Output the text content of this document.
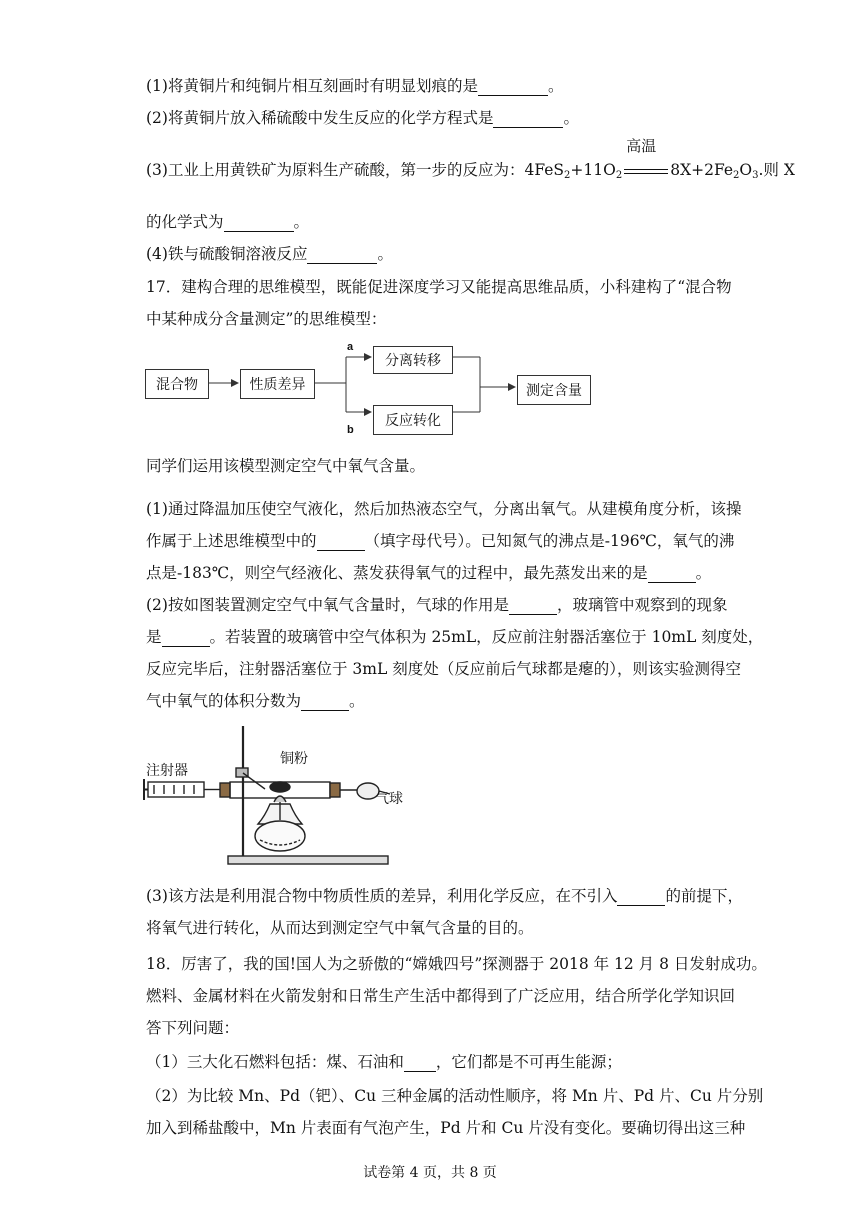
(1)将黄铜片和纯铜片相互刻画时有明显划痕的是	。
(2)将黄铜片放入稀硫酸中发生反应的化学方程式是	。
(3)工业上用黄铁矿为原料生产硫酸，第一步的反应为：$4FeS_2+11O_2$
高温
$8X+2Fe_2O_3$.则 X
的化学式为	。
(4)铁与硫酸铜溶液反应	。
17．建构合理的思维模型，既能促进深度学习又能提高思维品质，小科建构了“混合物
中某种成分含量测定”的思维模型：
混合物	性质差异
分离转移
反应转化
测定含量
a
b
同学们运用该模型测定空气中氧气含量。
(1)通过降温加压使空气液化，然后加热液态空气，分离出氧气。从建模角度分析，该操
作属于上述思维模型中的	（填字母代号）。已知氮气的沸点是-196℃，氧气的沸
点是-183℃，则空气经液化、蒸发获得氧气的过程中，最先蒸发出来的是	。
(2)按如图装置测定空气中氧气含量时，气球的作用是	，玻璃管中观察到的现象
是	。若装置的玻璃管中空气体积为 25mL，反应前注射器活塞位于 10mL 刻度处，
反应完毕后，注射器活塞位于 3mL 刻度处（反应前后气球都是瘪的），则该实验测得空
气中氧气的体积分数为	。
注射器
铜粉
气球
(3)该方法是利用混合物中物质性质的差异，利用化学反应，在不引入	的前提下，
将氧气进行转化，从而达到测定空气中氧气含量的目的。
18．厉害了，我的国!国人为之骄傲的“嫦娥四号”探测器于 2018 年 12 月 8 日发射成功。
燃料、金属材料在火箭发射和日常生产生活中都得到了广泛应用，结合所学化学知识回
答下列问题：
（1）三大化石燃料包括：煤、石油和 ，它们都是不可再生能源；
（2）为比较 Mn、Pd（钯）、Cu 三种金属的活动性顺序，将 Mn 片、Pd 片、Cu 片分别
加入到稀盐酸中，Mn 片表面有气泡产生，Pd 片和 Cu 片没有变化。要确切得出这三种
试卷第 4 页，共 8 页
